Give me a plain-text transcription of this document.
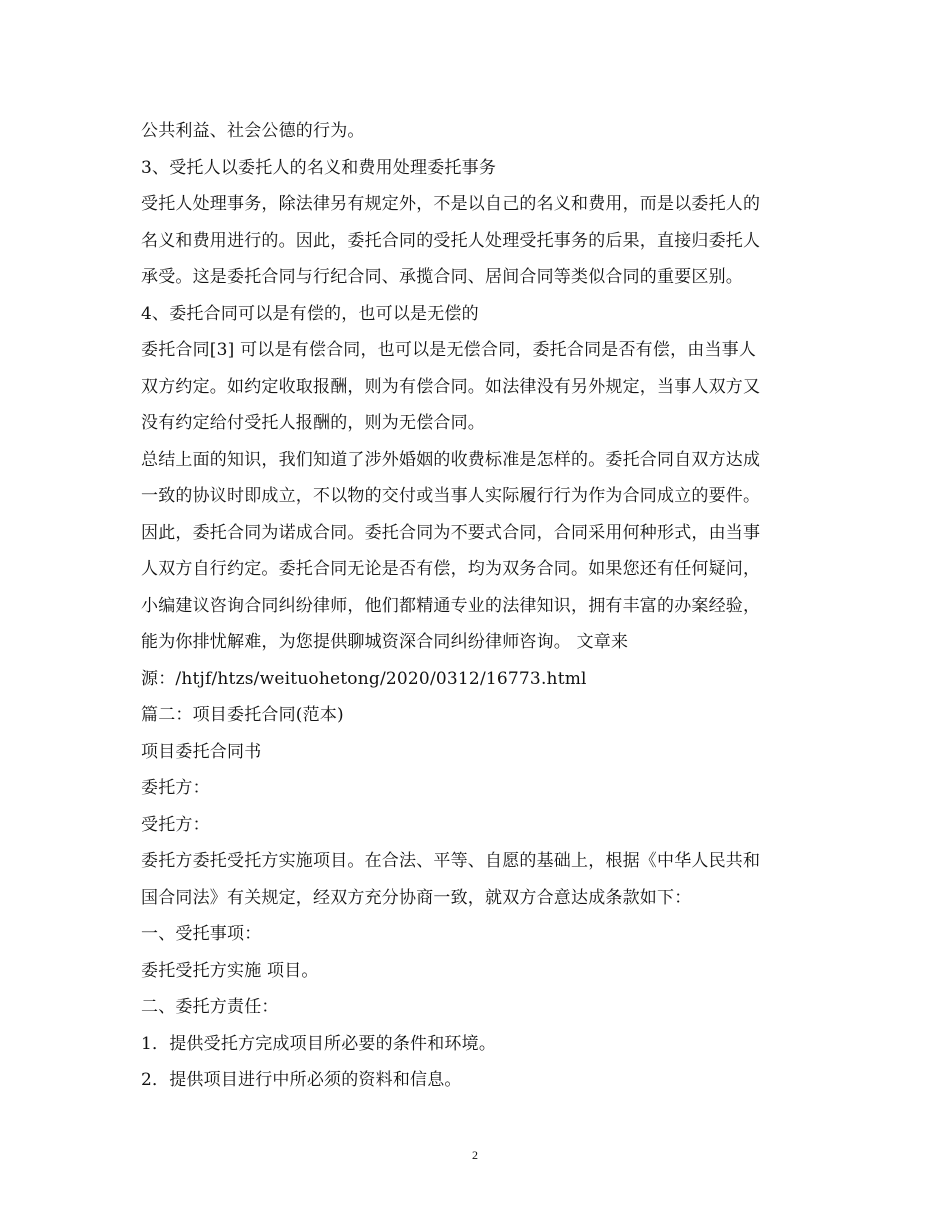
公共利益、社会公德的行为。
3、受托人以委托人的名义和费用处理委托事务
受托人处理事务，除法律另有规定外，不是以自己的名义和费用，而是以委托人的
名义和费用进行的。因此，委托合同的受托人处理受托事务的后果，直接归委托人
承受。这是委托合同与行纪合同、承揽合同、居间合同等类似合同的重要区别。
4、委托合同可以是有偿的，也可以是无偿的
委托合同[3] 可以是有偿合同，也可以是无偿合同，委托合同是否有偿，由当事人
双方约定。如约定收取报酬，则为有偿合同。如法律没有另外规定，当事人双方又
没有约定给付受托人报酬的，则为无偿合同。
总结上面的知识，我们知道了涉外婚姻的收费标准是怎样的。委托合同自双方达成
一致的协议时即成立，不以物的交付或当事人实际履行行为作为合同成立的要件。
因此，委托合同为诺成合同。委托合同为不要式合同，合同采用何种形式，由当事
人双方自行约定。委托合同无论是否有偿，均为双务合同。如果您还有任何疑问，
小编建议咨询合同纠纷律师，他们都精通专业的法律知识，拥有丰富的办案经验，
能为你排忧解难，为您提供聊城资深合同纠纷律师咨询。 文章来
源：/htjf/htzs/weituohetong/2020/0312/16773.html
篇二：项目委托合同(范本)
项目委托合同书
委托方：
受托方：
委托方委托受托方实施项目。在合法、平等、自愿的基础上，根据《中华人民共和
国合同法》有关规定，经双方充分协商一致，就双方合意达成条款如下：
一、受托事项：
委托受托方实施 项目。
二、委托方责任：
1．提供受托方完成项目所必要的条件和环境。
2．提供项目进行中所必须的资料和信息。
2
